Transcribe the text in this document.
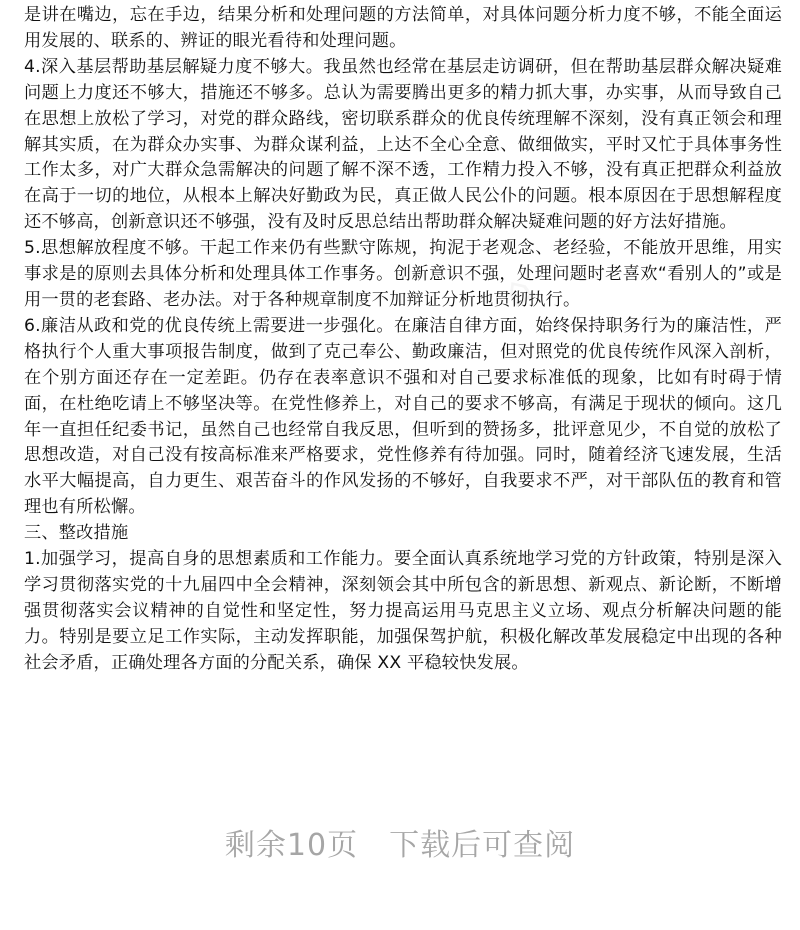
是讲在嘴边，忘在手边，结果分析和处理问题的方法简单，对具体问题分析力度不够，不能全面运用发展的、联系的、辨证的眼光看待和处理问题。

4.深入基层帮助基层解疑力度不够大。我虽然也经常在基层走访调研，但在帮助基层群众解决疑难问题上力度还不够大，措施还不够多。总认为需要腾出更多的精力抓大事，办实事，从而导致自己在思想上放松了学习，对党的群众路线，密切联系群众的优良传统理解不深刻，没有真正领会和理解其实质，在为群众办实事、为群众谋利益，上达不全心全意、做细做实，平时又忙于具体事务性工作太多，对广大群众急需解决的问题了解不深不透，工作精力投入不够，没有真正把群众利益放在高于一切的地位，从根本上解决好勤政为民，真正做人民公仆的问题。根本原因在于思想解程度还不够高，创新意识还不够强，没有及时反思总结出帮助群众解决疑难问题的好方法好措施。

5.思想解放程度不够。干起工作来仍有些默守陈规，拘泥于老观念、老经验，不能放开思维，用实事求是的原则去具体分析和处理具体工作事务。创新意识不强，处理问题时老喜欢“看别人的”或是用一贯的老套路、老办法。对于各种规章制度不加辩证分析地贯彻执行。

6.廉洁从政和党的优良传统上需要进一步强化。在廉洁自律方面，始终保持职务行为的廉洁性，严格执行个人重大事项报告制度，做到了克己奉公、勤政廉洁，但对照党的优良传统作风深入剖析，在个别方面还存在一定差距。仍存在表率意识不强和对自己要求标准低的现象，比如有时碍于情面，在杜绝吃请上不够坚决等。在党性修养上，对自己的要求不够高，有满足于现状的倾向。这几年一直担任纪委书记，虽然自己也经常自我反思，但听到的赞扬多，批评意见少，不自觉的放松了思想改造，对自己没有按高标准来严格要求，党性修养有待加强。同时，随着经济飞速发展，生活水平大幅提高，自力更生、艰苦奋斗的作风发扬的不够好，自我要求不严，对干部队伍的教育和管理也有所松懈。

三、整改措施

1.加强学习，提高自身的思想素质和工作能力。要全面认真系统地学习党的方针政策，特别是深入学习贯彻落实党的十九届四中全会精神，深刻领会其中所包含的新思想、新观点、新论断，不断增强贯彻落实会议精神的自觉性和坚定性，努力提高运用马克思主义立场、观点分析解决问题的能力。特别是要立足工作实际，主动发挥职能，加强保驾护航，积极化解改革发展稳定中出现的各种社会矛盾，正确处理各方面的分配关系，确保 XX 平稳较快发展。

剩余10页　下载后可查阅
